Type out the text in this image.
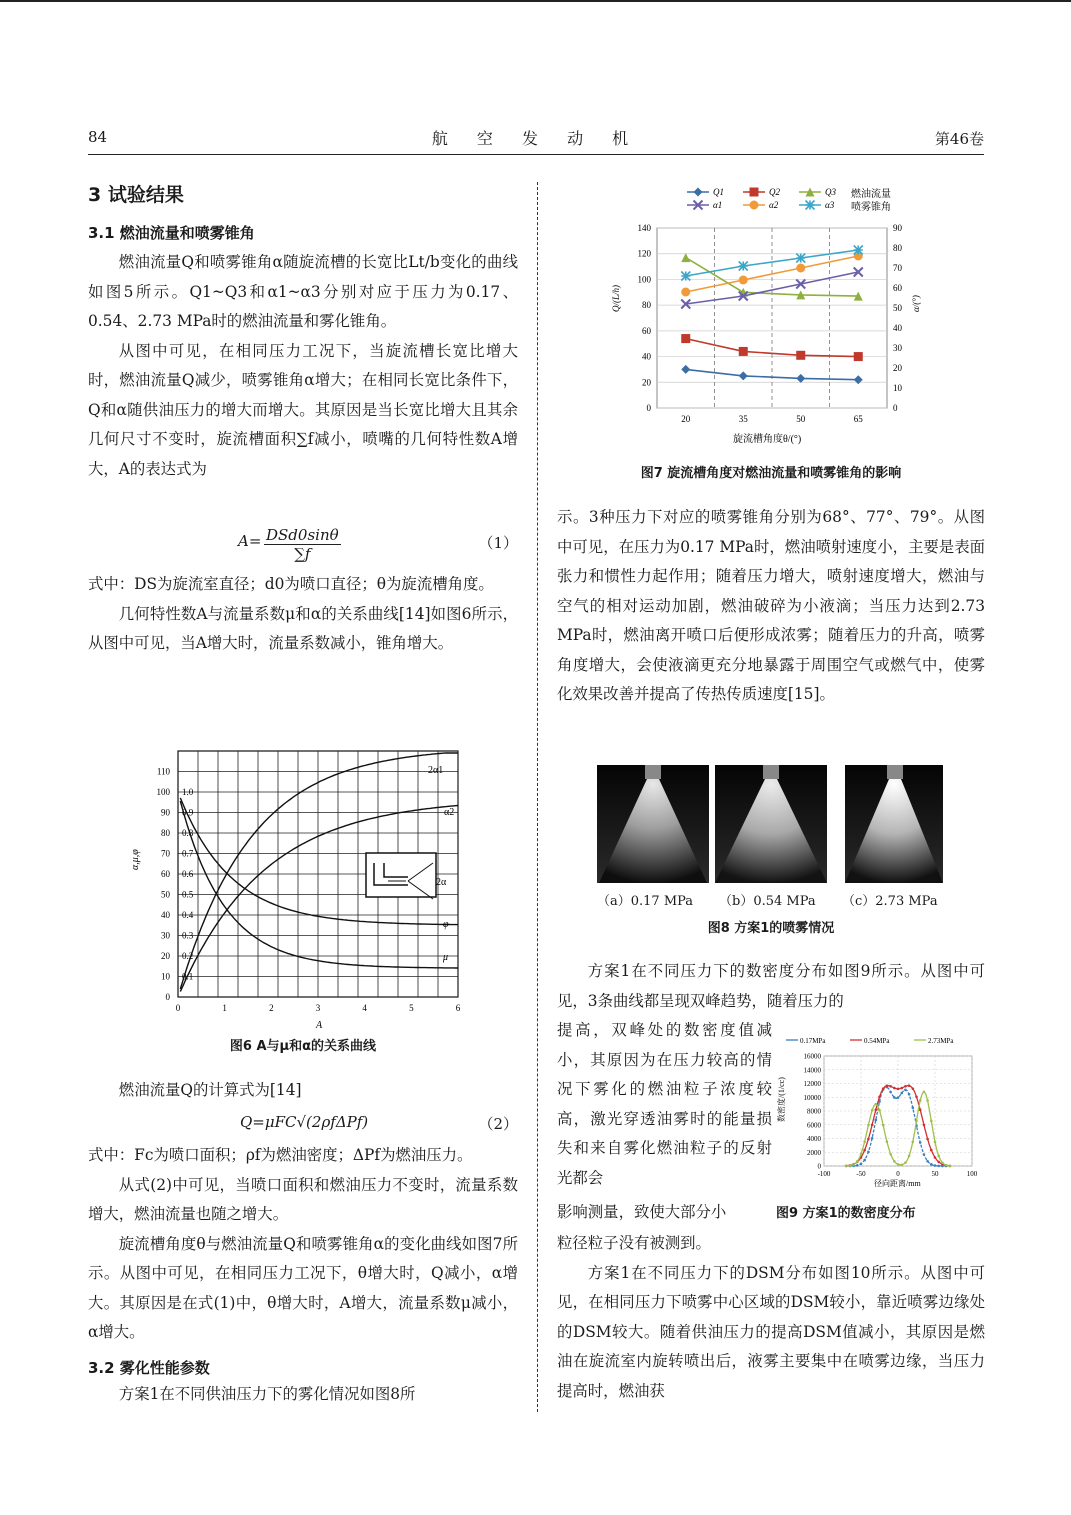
84	航 空 发 动 机	第46卷
3 试验结果
3.1 燃油流量和喷雾锥角

燃油流量Q和喷雾锥角α随旋流槽的长宽比Lt/b变化的曲线如图5所示。Q1~Q3和α1~α3分别对应于压力为0.17、0.54、2.73 MPa时的燃油流量和雾化锥角。

从图中可见，在相同压力工况下，当旋流槽长宽比增大时，燃油流量Q减少，喷雾锥角α增大；在相同长宽比条件下，Q和α随供油压力的增大而增大。其原因是当长宽比增大且其余几何尺寸不变时，旋流槽面积∑f减小，喷嘴的几何特性数A增大，A的表达式为

A= DSd0sinθ
∑f
（1）

式中：DS为旋流室直径；d0为喷口直径；θ为旋流槽角度。

几何特性数A与流量系数μ和α的关系曲线[14]如图6所示，从图中可见，当A增大时，流量系数减小，锥角增大。

110
100
90
80
70
60
50
40
30
20
10
0
1.0
0.9
0.8
0.7
0.6
0.5
0.4
0.3
0.2
0.1
0	1	2	3	4	5	6
2α
2α1
α2
φ
μ
α,μ,φ
A
图6 A与μ和α的关系曲线

燃油流量Q的计算式为[14]

Q=μFC√(2ρfΔPf)	（2）

式中：Fc为喷口面积；ρf为燃油密度；ΔPf为燃油压力。

从式(2)中可见，当喷口面积和燃油压力不变时，流量系数增大，燃油流量也随之增大。

旋流槽角度θ与燃油流量Q和喷雾锥角α的变化曲线如图7所示。从图中可见，在相同压力工况下，θ增大时，Q减小，α增大。其原因是在式(1)中，θ增大时，A增大，流量系数μ减小，α增大。

3.2 雾化性能参数

方案1在不同供油压力下的雾化情况如图8所

Q1	Q2	Q3
α1	α2	α3
燃油流量
喷雾锥角
0
20
40
60
80
100
120
140
0
10
20
30
40
50
60
70
80
90
20	35	50	65
Q/(L/h)	α/(°)
旋流槽角度θ/(°)
图7 旋流槽角度对燃油流量和喷雾锥角的影响

示。3种压力下对应的喷雾锥角分别为68°、77°、79°。从图中可见，在压力为0.17 MPa时，燃油喷射速度小，主要是表面张力和惯性力起作用；随着压力增大，喷射速度增大，燃油与空气的相对运动加剧，燃油破碎为小液滴；当压力达到2.73 MPa时，燃油离开喷口后便形成浓雾；随着压力的升高，喷雾角度增大，会使液滴更充分地暴露于周围空气或燃气中，使雾化效果改善并提高了传热传质速度[15]。

（a）0.17 MPa （b）0.54 MPa （c）2.73 MPa
图8 方案1的喷雾情况

方案1在不同压力下的数密度分布如图9所示。从图中可见，3条曲线都呈现双峰趋势，随着压力的

提高，双峰处的数密度值减小，其原因为在压力较高的情况下雾化的燃油粒子浓度较高，激光穿透油雾时的能量损失和来自雾化燃油粒子的反射光都会

影响测量，致使大部分小

0.17MPa	0.54MPa	2.73MPa
16000
14000
12000
10000
8000
6000
4000
2000
0
-100	-50	0	50	100
数密度/(1/cc)
径向距离/mm
图9 方案1的数密度分布

粒径粒子没有被测到。

方案1在不同压力下的DSM分布如图10所示。从图中可见，在相同压力下喷雾中心区域的DSM较小，靠近喷雾边缘处的DSM较大。随着供油压力的提高DSM值减小，其原因是燃油在旋流室内旋转喷出后，液雾主要集中在喷雾边缘，当压力提高时，燃油获
